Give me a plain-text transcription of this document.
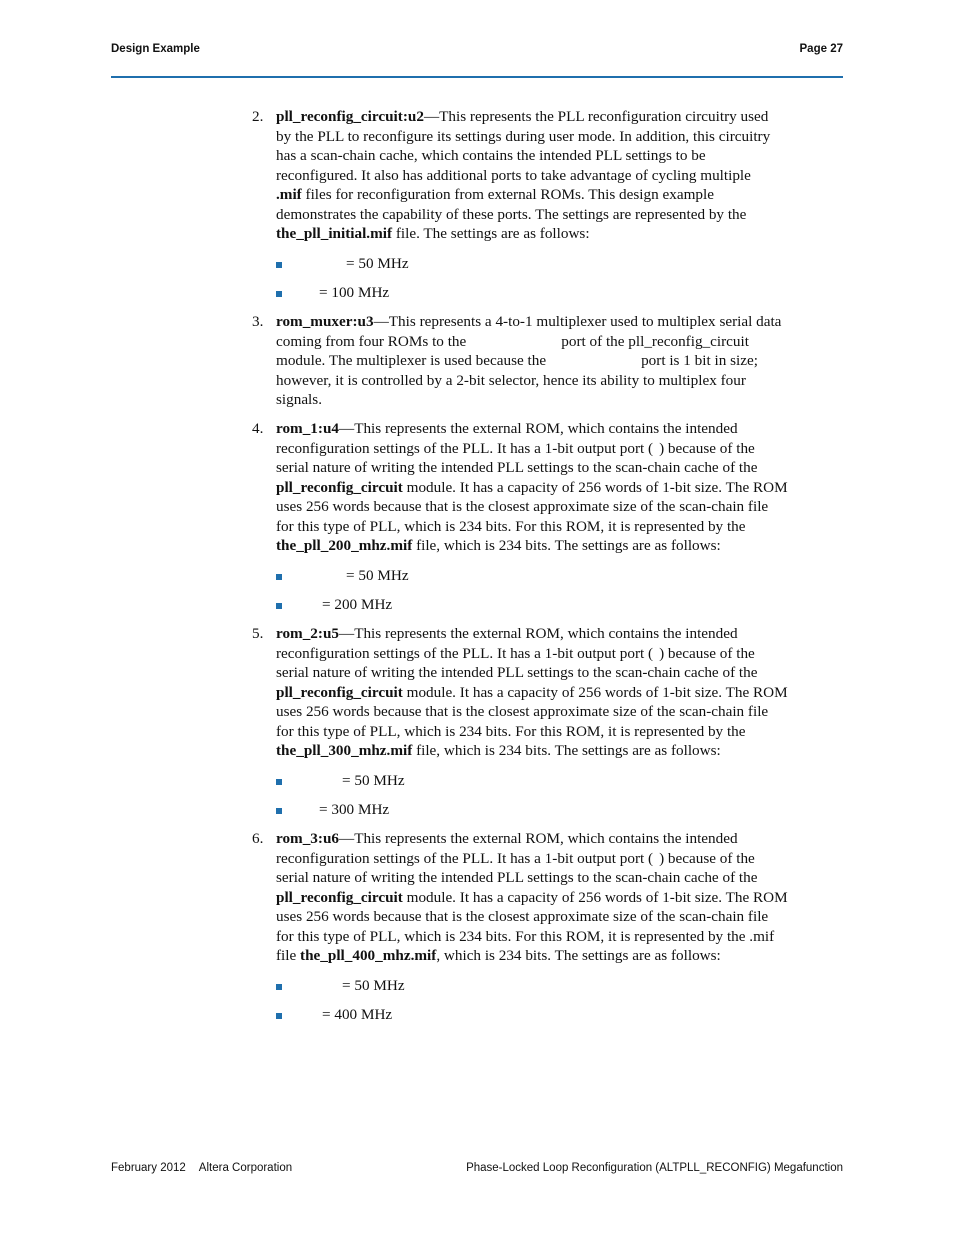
Design Example	Page 27
2. pll_reconfig_circuit:u2—This represents the PLL reconfiguration circuitry used
by the PLL to reconfigure its settings during user mode. In addition, this circuitry
has a scan-chain cache, which contains the intended PLL settings to be
reconfigured. It also has additional ports to take advantage of cycling multiple
.mif files for reconfiguration from external ROMs. This design example
demonstrates the capability of these ports. The settings are represented by the
the_pll_initial.mif file. The settings are as follows:
= 50 MHz
= 100 MHz
3. rom_muxer:u3—This represents a 4-to-1 multiplexer used to multiplex serial data
coming from four ROMs to the	port of the pll_reconfig_circuit
module. The multiplexer is used because the	port is 1 bit in size;
however, it is controlled by a 2-bit selector, hence its ability to multiplex four
signals.
4. rom_1:u4—This represents the external ROM, which contains the intended
reconfiguration settings of the PLL. It has a 1-bit output port ( ) because of the
serial nature of writing the intended PLL settings to the scan-chain cache of the
pll_reconfig_circuit module. It has a capacity of 256 words of 1-bit size. The ROM
uses 256 words because that is the closest approximate size of the scan-chain file
for this type of PLL, which is 234 bits. For this ROM, it is represented by the
the_pll_200_mhz.mif file, which is 234 bits. The settings are as follows:
= 50 MHz
= 200 MHz
5. rom_2:u5—This represents the external ROM, which contains the intended
reconfiguration settings of the PLL. It has a 1-bit output port ( ) because of the
serial nature of writing the intended PLL settings to the scan-chain cache of the
pll_reconfig_circuit module. It has a capacity of 256 words of 1-bit size. The ROM
uses 256 words because that is the closest approximate size of the scan-chain file
for this type of PLL, which is 234 bits. For this ROM, it is represented by the
the_pll_300_mhz.mif file, which is 234 bits. The settings are as follows:
= 50 MHz
= 300 MHz
6. rom_3:u6—This represents the external ROM, which contains the intended
reconfiguration settings of the PLL. It has a 1-bit output port ( ) because of the
serial nature of writing the intended PLL settings to the scan-chain cache of the
pll_reconfig_circuit module. It has a capacity of 256 words of 1-bit size. The ROM
uses 256 words because that is the closest approximate size of the scan-chain file
for this type of PLL, which is 234 bits. For this ROM, it is represented by the .mif
file the_pll_400_mhz.mif, which is 234 bits. The settings are as follows:
= 50 MHz
= 400 MHz
February 2012 Altera Corporation	Phase-Locked Loop Reconfiguration (ALTPLL_RECONFIG) Megafunction
